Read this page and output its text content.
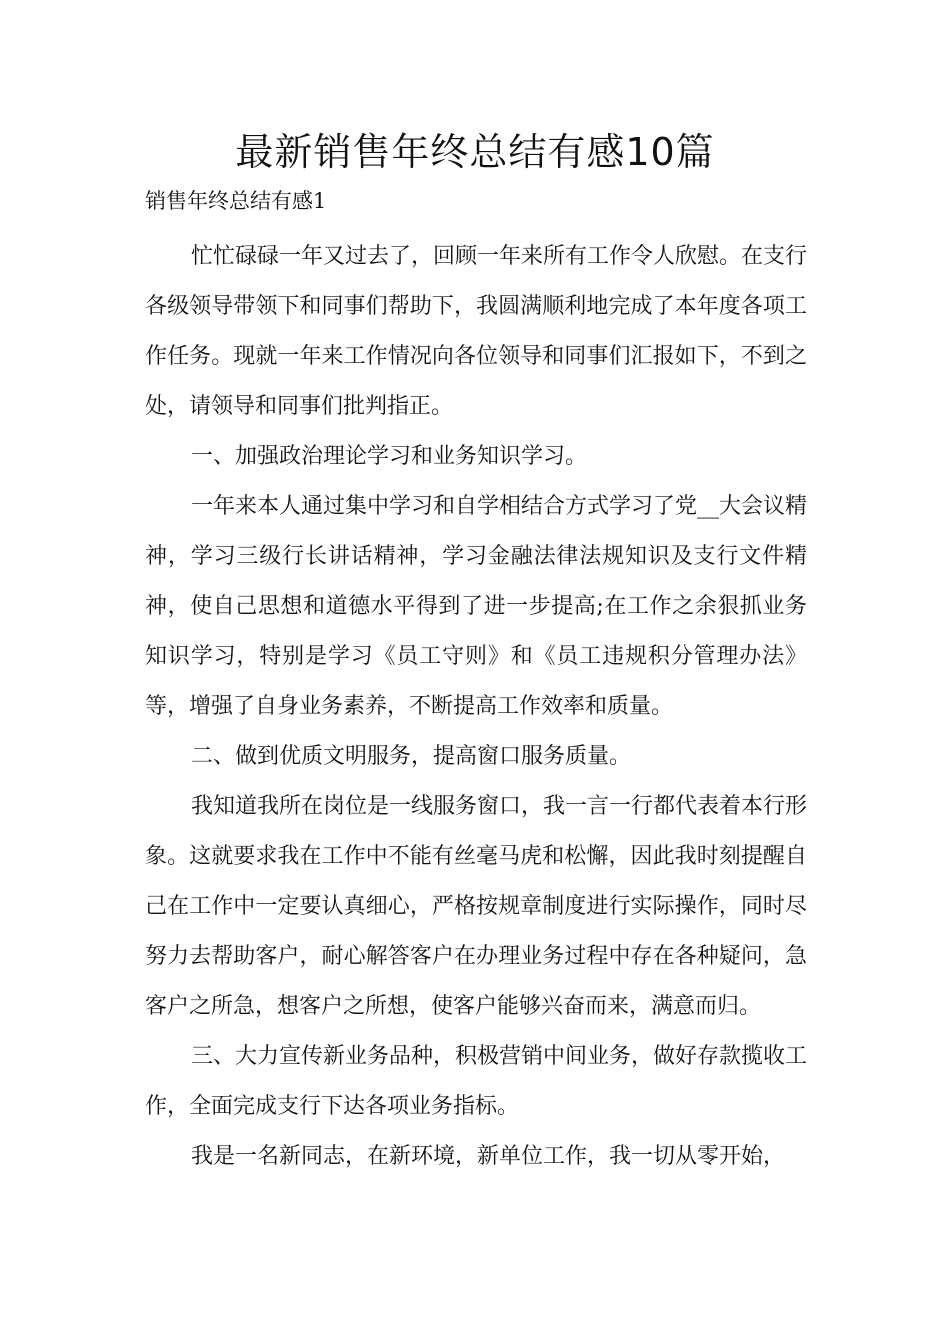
最新销售年终总结有感10篇

销售年终总结有感1

忙忙碌碌一年又过去了，回顾一年来所有工作令人欣慰。在支行各级领导带领下和同事们帮助下，我圆满顺利地完成了本年度各项工作任务。现就一年来工作情况向各位领导和同事们汇报如下，不到之处，请领导和同事们批判指正。

一、加强政治理论学习和业务知识学习。

一年来本人通过集中学习和自学相结合方式学习了党__大会议精神，学习三级行长讲话精神，学习金融法律法规知识及支行文件精神，使自己思想和道德水平得到了进一步提高;在工作之余狠抓业务知识学习，特别是学习《员工守则》和《员工违规积分管理办法》等，增强了自身业务素养，不断提高工作效率和质量。

二、做到优质文明服务，提高窗口服务质量。

我知道我所在岗位是一线服务窗口，我一言一行都代表着本行形象。这就要求我在工作中不能有丝毫马虎和松懈，因此我时刻提醒自己在工作中一定要认真细心，严格按规章制度进行实际操作，同时尽努力去帮助客户，耐心解答客户在办理业务过程中存在各种疑问，急客户之所急，想客户之所想，使客户能够兴奋而来，满意而归。

三、大力宣传新业务品种，积极营销中间业务，做好存款揽收工作，全面完成支行下达各项业务指标。

我是一名新同志，在新环境，新单位工作，我一切从零开始，
